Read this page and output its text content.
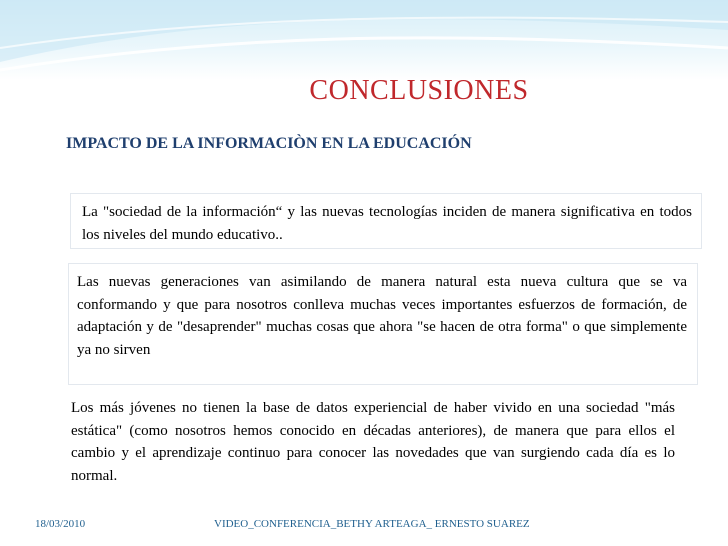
CONCLUSIONES
IMPACTO DE LA INFORMACIÒN EN LA EDUCACIÓN
La "sociedad de la información“ y las nuevas tecnologías inciden de manera significativa en todos los niveles del mundo educativo..
Las nuevas generaciones van asimilando de manera natural esta nueva cultura que se va conformando y que para nosotros conlleva muchas veces importantes esfuerzos de formación, de adaptación y de "desaprender" muchas cosas que ahora "se hacen de otra forma" o que simplemente ya no sirven
Los más jóvenes no tienen la base de datos experiencial de haber vivido en una sociedad "más estática" (como nosotros hemos conocido en décadas anteriores), de manera que para ellos el cambio y el aprendizaje continuo para conocer las novedades que van surgiendo cada día es lo normal.
18/03/2010	VIDEO_CONFERENCIA_BETHY ARTEAGA_ ERNESTO SUAREZ
